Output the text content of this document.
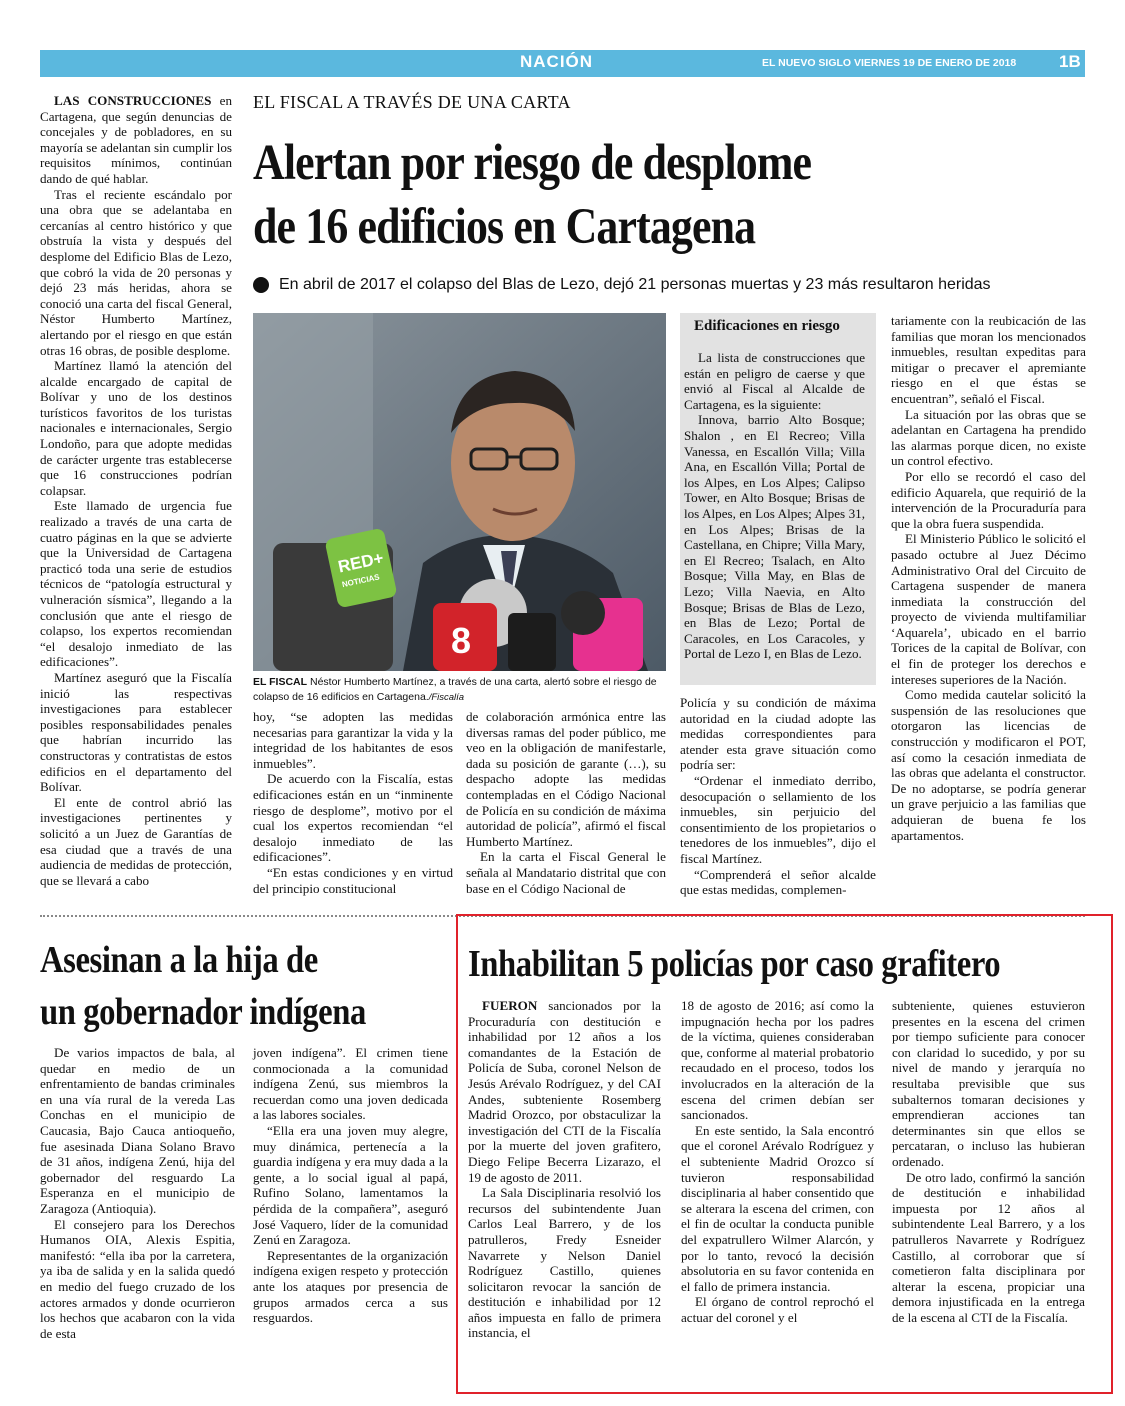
NACIÓN	EL NUEVO SIGLO VIERNES 19 DE ENERO DE 2018	1B

LAS CONSTRUCCIONES en Cartagena, que según denuncias de concejales y de pobladores, en su mayoría se adelantan sin cumplir los requisitos mínimos, continúan dando de qué hablar.

Tras el reciente escándalo por una obra que se adelantaba en cercanías al centro histórico y que obstruía la vista y después del desplome del Edificio Blas de Lezo, que cobró la vida de 20 personas y dejó 23 más heridas, ahora se conoció una carta del fiscal General, Néstor Humberto Martínez, alertando por el riesgo en que están otras 16 obras, de posible desplome.

Martínez llamó la atención del alcalde encargado de capital de Bolívar y uno de los destinos turísticos favoritos de los turistas nacionales e internacionales, Sergio Londoño, para que adopte medidas de carácter urgente tras establecerse que 16 construcciones podrían colapsar.

Este llamado de urgencia fue realizado a través de una carta de cuatro páginas en la que se advierte que la Universidad de Cartagena practicó toda una serie de estudios técnicos de “patología estructural y vulneración sísmica”, llegando a la conclusión que ante el riesgo de colapso, los expertos recomiendan “el desalojo inmediato de las edificaciones”.

Martínez aseguró que la Fiscalía inició las respectivas investigaciones para establecer posibles responsabilidades penales que habrían incurrido las constructoras y contratistas de estos edificios en el departamento del Bolívar.

El ente de control abrió las investigaciones pertinentes y solicitó a un Juez de Garantías de esa ciudad que a través de una audiencia de medidas de protección, que se llevará a cabo

EL FISCAL A TRAVÉS DE UNA CARTA
Alertan por riesgo de desplome
de 16 edificios en Cartagena
En abril de 2017 el colapso del Blas de Lezo, dejó 21 personas muertas y 23 más resultaron heridas
RED+
NOTICIAS
8
EL FISCAL Néstor Humberto Martínez, a través de una carta, alertó sobre el riesgo de colapso de 16 edificios en Cartagena./Fiscalía

hoy, “se adopten las medidas necesarias para garantizar la vida y la integridad de los habitantes de esos inmuebles”.

De acuerdo con la Fiscalía, estas edificaciones están en un “inminente riesgo de desplome”, motivo por el cual los expertos recomiendan “el desalojo inmediato de las edificaciones”.

“En estas condiciones y en virtud del principio constitucional

de colaboración armónica entre las diversas ramas del poder público, me veo en la obligación de manifestarle, dada su posición de garante (…), su despacho adopte las medidas contempladas en el Código Nacional de Policía en su condición de máxima autoridad de policía”, afirmó el fiscal Humberto Martínez.

En la carta el Fiscal General le señala al Mandatario distrital que con base en el Código Nacional de

Edificaciones en riesgo

La lista de construcciones que están en peligro de caerse y que envió al Fiscal al Alcalde de Cartagena, es la siguiente:

Innova, barrio Alto Bosque; Shalon , en El Recreo; Villa Vanessa, en Escallón Villa; Villa Ana, en Escallón Villa; Portal de los Alpes, en Los Alpes; Calipso Tower, en Alto Bosque; Brisas de los Alpes, en Los Alpes; Alpes 31, en Los Alpes; Brisas de la Castellana, en Chipre; Villa Mary, en El Recreo; Tsalach, en Alto Bosque; Villa May, en Blas de Lezo; Villa Naevia, en Alto Bosque; Brisas de Blas de Lezo, en Blas de Lezo; Portal de Caracoles, en Los Caracoles, y Portal de Lezo I, en Blas de Lezo.

Policía y su condición de máxima autoridad en la ciudad adopte las medidas correspondientes para atender esta grave situación como podría ser:

“Ordenar el inmediato derribo, desocupación o sellamiento de los inmuebles, sin perjuicio del consentimiento de los propietarios o tenedores de los inmuebles”, dijo el fiscal Martínez.

“Comprenderá el señor alcalde que estas medidas, complemen-

tariamente con la reubicación de las familias que moran los mencionados inmuebles, resultan expeditas para mitigar o precaver el apremiante riesgo en el que éstas se encuentran”, señaló el Fiscal.

La situación por las obras que se adelantan en Cartagena ha prendido las alarmas porque dicen, no existe un control efectivo.

Por ello se recordó el caso del edificio Aquarela, que requirió de la intervención de la Procuraduría para que la obra fuera suspendida.

El Ministerio Público le solicitó el pasado octubre al Juez Décimo Administrativo Oral del Circuito de Cartagena suspender de manera inmediata la construcción del proyecto de vivienda multifamiliar ‘Aquarela’, ubicado en el barrio Torices de la capital de Bolívar, con el fin de proteger los derechos e intereses superiores de la Nación.

Como medida cautelar solicitó la suspensión de las resoluciones que otorgaron las licencias de construcción y modificaron el POT, así como la cesación inmediata de las obras que adelanta el constructor. De no adoptarse, se podría generar un grave perjuicio a las familias que adquieran de buena fe los apartamentos.

Asesinan a la hija de
un gobernador indígena

De varios impactos de bala, al quedar en medio de un enfrentamiento de bandas criminales en una vía rural de la vereda Las Conchas en el municipio de Caucasia, Bajo Cauca antioqueño, fue asesinada Diana Solano Bravo de 31 años, indígena Zenú, hija del gobernador del resguardo La Esperanza en el municipio de Zaragoza (Antioquia).

El consejero para los Derechos Humanos OIA, Alexis Espitia, manifestó: “ella iba por la carretera, ya iba de salida y en la salida quedó en medio del fuego cruzado de los actores armados y donde ocurrieron los hechos que acabaron con la vida de esta

joven indígena”. El crimen tiene conmocionada a la comunidad indígena Zenú, sus miembros la recuerdan como una joven dedicada a las labores sociales.

“Ella era una joven muy alegre, muy dinámica, pertenecía a la guardia indígena y era muy dada a la gente, a lo social igual al papá, Rufino Solano, lamentamos la pérdida de la compañera”, aseguró José Vaquero, líder de la comunidad Zenú en Zaragoza.

Representantes de la organización indígena exigen respeto y protección ante los ataques por presencia de grupos armados cerca a sus resguardos.

Inhabilitan 5 policías por caso grafitero

FUERON sancionados por la Procuraduría con destitución e inhabilidad por 12 años a los comandantes de la Estación de Policía de Suba, coronel Nelson de Jesús Arévalo Rodríguez, y del CAI Andes, subteniente Rosemberg Madrid Orozco, por obstaculizar la investigación del CTI de la Fiscalía por la muerte del joven grafitero, Diego Felipe Becerra Lizarazo, el 19 de agosto de 2011.

La Sala Disciplinaria resolvió los recursos del subintendente Juan Carlos Leal Barrero, y de los patrulleros, Fredy Esneider Navarrete y Nelson Daniel Rodríguez Castillo, quienes solicitaron revocar la sanción de destitución e inhabilidad por 12 años impuesta en fallo de primera instancia, el

18 de agosto de 2016; así como la impugnación hecha por los padres de la víctima, quienes consideraban que, conforme al material probatorio recaudado en el proceso, todos los involucrados en la alteración de la escena del crimen debían ser sancionados.

En este sentido, la Sala encontró que el coronel Arévalo Rodríguez y el subteniente Madrid Orozco sí tuvieron responsabilidad disciplinaria al haber consentido que se alterara la escena del crimen, con el fin de ocultar la conducta punible del expatrullero Wilmer Alarcón, y por lo tanto, revocó la decisión absolutoria en su favor contenida en el fallo de primera instancia.

El órgano de control reprochó el actuar del coronel y el

subteniente, quienes estuvieron presentes en la escena del crimen por tiempo suficiente para conocer con claridad lo sucedido, y por su nivel de mando y jerarquía no resultaba previsible que sus subalternos tomaran decisiones y emprendieran acciones tan determinantes sin que ellos se percataran, o incluso las hubieran ordenado.

De otro lado, confirmó la sanción de destitución e inhabilidad impuesta por 12 años al subintendente Leal Barrero, y a los patrulleros Navarrete y Rodríguez Castillo, al corroborar que sí cometieron falta disciplinara por alterar la escena, propiciar una demora injustificada en la entrega de la escena al CTI de la Fiscalía.
